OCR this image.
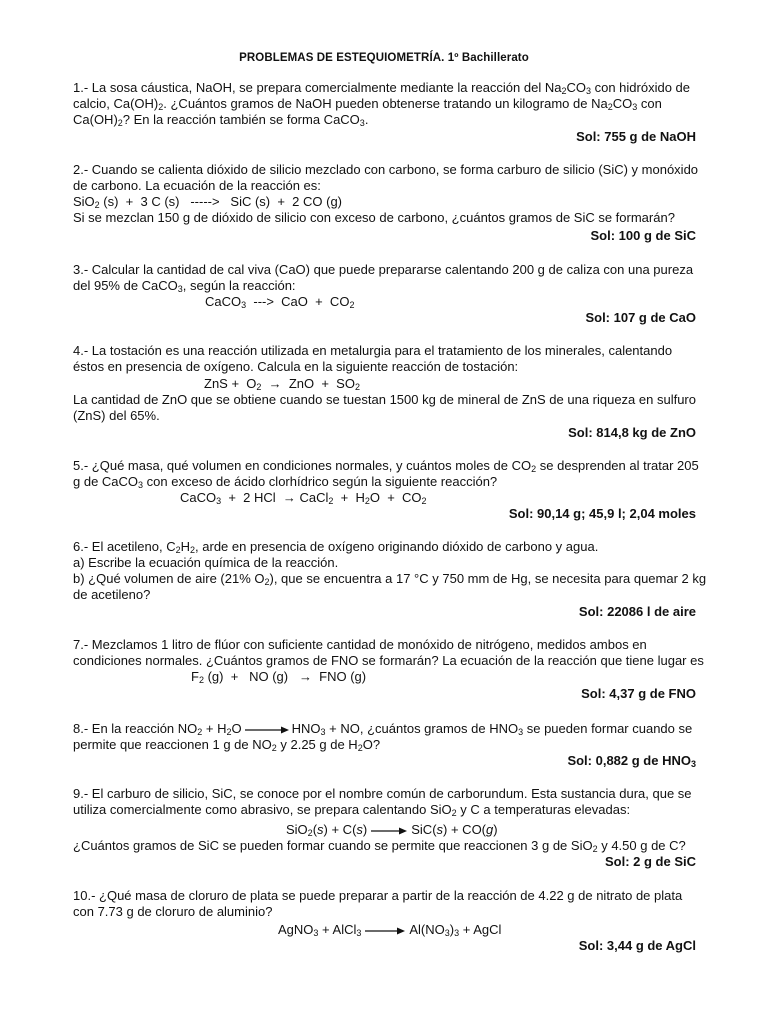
PROBLEMAS DE ESTEQUIOMETRÍA. 1º Bachillerato
1.- La sosa cáustica, NaOH, se prepara comercialmente mediante la reacción del $Na_2CO_3$ con hidróxido de
calcio, $Ca(OH)_2$. ¿Cuántos gramos de NaOH pueden obtenerse tratando un kilogramo de $Na_2CO_3$ con
$Ca(OH)_2$? En la reacción también se forma CaCO$_3$.
Sol: 755 g de NaOH
2.- Cuando se calienta dióxido de silicio mezclado con carbono, se forma carburo de silicio (SiC) y monóxido
de carbono. La ecuación de la reacción es:
SiO$_2$ (s)  +  3 C (s)   ----->   SiC (s)  +  2 CO (g)
Si se mezclan 150 g de dióxido de silicio con exceso de carbono, ¿cuántos gramos de SiC se formarán?
Sol: 100 g de SiC
3.- Calcular la cantidad de cal viva (CaO) que puede prepararse calentando 200 g de caliza con una pureza
del 95% de CaCO$_3$, según la reacción:
CaCO$_3$  --->  CaO  +  $CO_2$
Sol: 107 g de CaO
4.- La tostación es una reacción utilizada en metalurgia para el tratamiento de los minerales, calentando
éstos en presencia de oxígeno. Calcula en la siguiente reacción de tostación:
ZnS +  $O_2$  →  ZnO  +  $SO_2$
La cantidad de ZnO que se obtiene cuando se tuestan 1500 kg de mineral de ZnS de una riqueza en sulfuro
(ZnS) del 65%.
Sol: 814,8 kg de ZnO
5.- ¿Qué masa, qué volumen en condiciones normales, y cuántos moles de $CO_2$ se desprenden al tratar 205
g de CaCO$_3$ con exceso de ácido clorhídrico según la siguiente reacción?
CaCO$_3$  +  2 HCl  → CaCl$_2$  +  $H_2O + CO_2$
Sol: 90,14 g; 45,9 l; 2,04 moles
6.- El acetileno, $C_2H_2$, arde en presencia de oxígeno originando dióxido de carbono y agua.
a) Escribe la ecuación química de la reacción.
b) ¿Qué volumen de aire (21% $O_2$), que se encuentra a 17 °C y 750 mm de Hg, se necesita para quemar 2 kg
de acetileno?
Sol: 22086 l de aire
7.- Mezclamos 1 litro de flúor con suficiente cantidad de monóxido de nitrógeno, medidos ambos en
condiciones normales. ¿Cuántos gramos de FNO se formarán? La ecuación de la reacción que tiene lugar es
$F_2$ (g)  +   NO (g)   →  FNO (g)
Sol: 4,37 g de FNO
8.- En la reacción $NO_2 + H_2O \to HNO_3$ + NO, ¿cuántos gramos de $HNO_3$ se pueden formar cuando se
permite que reaccionen 1 g de $NO_2$ y 2.25 g de $H_2O$?
Sol: 0,882 g de $HNO_3$
9.- El carburo de silicio, SiC, se conoce por el nombre común de carborundum. Esta sustancia dura, que se
utiliza comercialmente como abrasivo, se prepara calentando SiO$_2$ y C a temperaturas elevadas:
SiO$_2$(s) + C(s) → SiC(s) + CO(g)
¿Cuántos gramos de SiC se pueden formar cuando se permite que reaccionen 3 g de SiO$_2$ y 4.50 g de C?
Sol: 2 g de SiC
10.- ¿Qué masa de cloruro de plata se puede preparar a partir de la reacción de 4.22 g de nitrato de plata
con 7.73 g de cloruro de aluminio?
AgNO$_3$ + AlCl$_3$ → $Al(NO_3)_3$ + AgCl
Sol: 3,44 g de AgCl
